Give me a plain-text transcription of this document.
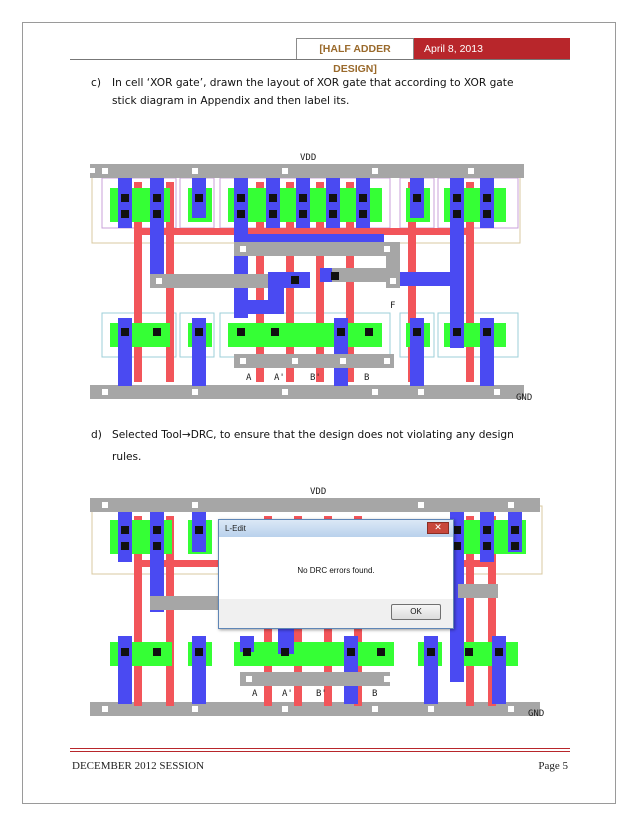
[HALF ADDER DESIGN]
April 8, 2013
c) In cell ‘XOR gate’, drawn the layout of XOR gate that according to XOR gate
stick diagram in Appendix and then label its.
VDD
GND
F
A	A'	B'	B
d) Selected Tool→DRC, to ensure that the design does not violating any design
rules.
VDD
GND
A	A'	B'	B
L-Edit	✕
No DRC errors found.
OK
DECEMBER 2012 SESSION	Page 5
